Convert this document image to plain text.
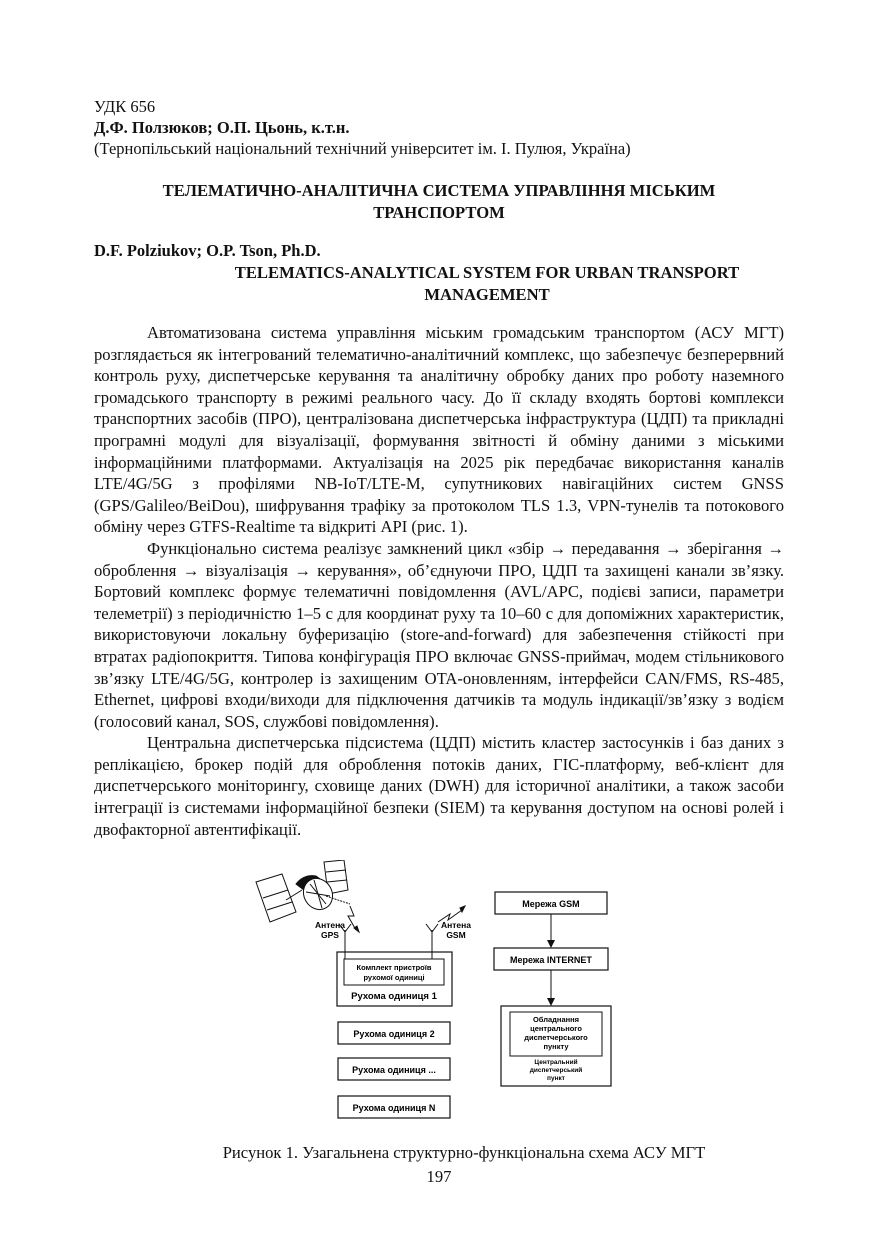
УДК 656
Д.Ф. Ползюков; О.П. Цьонь, к.т.н.
(Тернопільський національний технічний університет ім. І. Пулюя, Україна)
ТЕЛЕМАТИЧНО-АНАЛІТИЧНА СИСТЕМА УПРАВЛІННЯ МІСЬКИМ
ТРАНСПОРТОМ
D.F. Polziukov; O.P. Tson, Ph.D.
TELEMATICS-ANALYTICAL SYSTEM FOR URBAN TRANSPORT
MANAGEMENT

Автоматизована система управління міським громадським транспортом (АСУ МГТ) розглядається як інтегрований телематично-аналітичний комплекс, що забезпечує безперервний контроль руху, диспетчерське керування та аналітичну обробку даних про роботу наземного громадського транспорту в режимі реального часу. До її складу входять бортові комплекси транспортних засобів (ПРО), централізована диспетчерська інфраструктура (ЦДП) та прикладні програмні модулі для візуалізації, формування звітності й обміну даними з міськими інформаційними платформами. Актуалізація на 2025 рік передбачає використання каналів LTE/4G/5G з профілями NB-IoT/LTE-M, супутникових навігаційних систем GNSS (GPS/Galileo/BeiDou), шифрування трафіку за протоколом TLS 1.3, VPN-тунелів та потокового обміну через GTFS-Realtime та відкриті API (рис. 1).

Функціонально система реалізує замкнений цикл «збір → передавання → зберігання → оброблення → візуалізація → керування», об’єднуючи ПРО, ЦДП та захищені канали зв’язку. Бортовий комплекс формує телематичні повідомлення (AVL/APC, подієві записи, параметри телеметрії) з періодичністю 1–5 с для координат руху та 10–60 с для допоміжних характеристик, використовуючи локальну буферизацію (store-and-forward) для забезпечення стійкості при втратах радіопокриття. Типова конфігурація ПРО включає GNSS-приймач, модем стільникового зв’язку LTE/4G/5G, контролер із захищеним OTA-оновленням, інтерфейси CAN/FMS, RS-485, Ethernet, цифрові входи/виходи для підключення датчиків та модуль індикації/зв’язку з водієм (голосовий канал, SOS, службові повідомлення).

Центральна диспетчерська підсистема (ЦДП) містить кластер застосунків і баз даних з реплікацією, брокер подій для оброблення потоків даних, ГІС-платформу, веб-клієнт для диспетчерського моніторингу, сховище даних (DWH) для історичної аналітики, а також засоби інтеграції із системами інформаційної безпеки (SIEM) та керування доступом на основі ролей і двофакторної автентифікації.

Антена
GPS
Антена
GSM
Комплект пристроїв
рухомої одиниці
Рухома одиниця 1
Рухома одиниця 2
Рухома одиниця ...
Рухома одиниця N
Мережа GSM
Мережа INTERNET
Обладнання
центрального
диспетчерського
пункту
Центральний
диспетчерський
пункт
Рисунок 1. Узагальнена структурно-функціональна схема АСУ МГТ
197
